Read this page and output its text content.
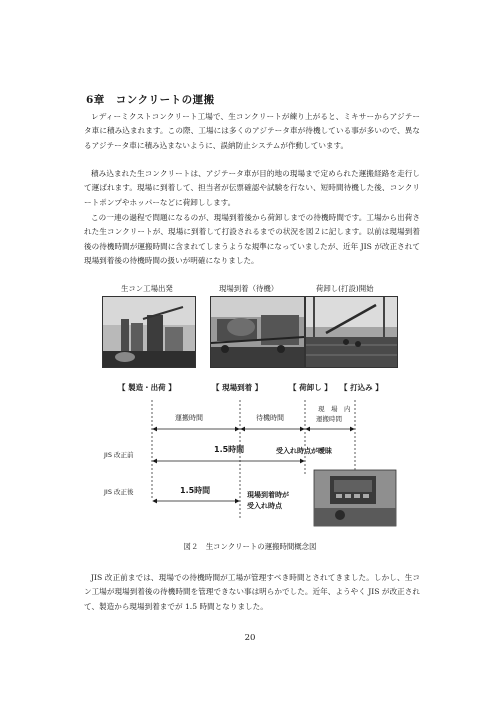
6章　コンクリートの運搬

レディーミクストコンクリート工場で、生コンクリートが練り上がると、ミキサーからアジテータ車に積み込まれます。この際、工場には多くのアジテータ車が待機している事が多いので、異なるアジテータ車に積み込まないように、誤納防止システムが作動しています。

積み込まれた生コンクリートは、アジテータ車が目的地の現場まで定められた運搬経路を走行して運ばれます。現場に到着して、担当者が伝票確認や試験を行ない、短時間待機した後、コンクリートポンプやホッパーなどに荷卸しします。

この一連の過程で問題になるのが、現場到着後から荷卸しまでの待機時間です。工場から出荷された生コンクリートが、現場に到着して打設されるまでの状況を図２に記します。以前は現場到着後の待機時間が運搬時間に含まれてしまうような規準になっていましたが、近年 JIS が改正されて現場到着後の待機時間の扱いが明確になりました。

生コン工場出発	現場到着（待機）	荷卸し(打設)開始
【 製造・出荷 】	【 現場到着 】	【 荷卸し 】 【 打込み 】
運搬時間	待機時間
現　場　内
運搬時間
JIS 改正前
1.5時間	受入れ時点が曖昧
JIS 改正後	1.5時間	現場到着時が
受入れ時点
図２　生コンクリートの運搬時間概念図

JIS 改正前までは、現場での待機時間が工場が管理すべき時間とされてきました。しかし、生コン工場が現場到着後の待機時間を管理できない事は明らかでした。近年、ようやく JIS が改正されて、製造から現場到着までが 1.5 時間となりました。

20
